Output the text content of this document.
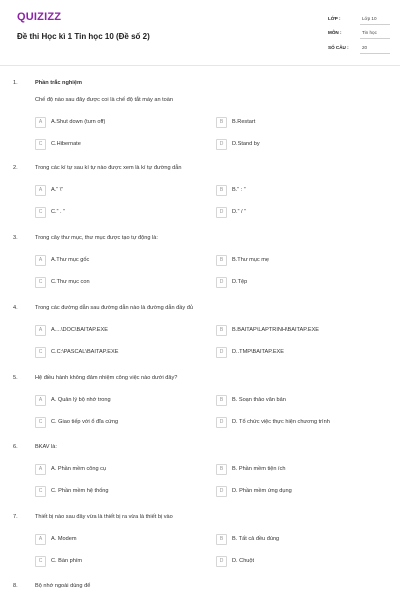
QUIZIZZ
Đề thi Học kì 1 Tin học 10 (Đề số 2)
LỚP :	Lớp 10
MÔN :	Tin học
SỐ CÂU :	20
1.	Phần trắc nghiệm
Chế độ nào sau đây được coi là chế độ tắt máy an toàn
A	A.Shut down (turn off)	B	B.Restart
C	C.Hibernate	D	D.Stand by
2.	Trong các kí tự sau kí tự nào được xem là kí tự đường dẫn
A	A.“ \”	B	B.“ : ”
C	C.“ . ”	D	D.“ / ”
3.	Trong cây thư mục, thư mục được tạo tự động là:
A	A.Thư mục gốc	B	B.Thư mục mẹ
C	C.Thư mục con	D	D.Tệp
4.	Trong các đường dẫn sau đường dẫn nào là đường dẫn đầy đủ
A	A....\DOC\BAITAP.EXE	B	B.BAITAP\LAPTRINH\BAITAP.EXE
C	C.C:\PASCAL\BAITAP.EXE	D	D..TMP\BAITAP.EXE
5.	Hệ điều hành không đảm nhiệm công việc nào dưới đây?
A	A. Quản lý bộ nhớ trong	B	B. Soạn thảo văn bản
C	C. Giao tiếp với ổ đĩa cứng	D	D. Tổ chức việc thực hiện chương trình
6.	BKAV là:
A	A. Phần mềm công cụ	B	B. Phần mềm tiện ích
C	C. Phần mềm hệ thống	D	D. Phần mềm ứng dụng
7.	Thiết bị nào sau đây vừa là thiết bị ra vừa là thiết bị vào
A	A. Modem	B	B. Tất cả đều đúng
C	C. Bàn phím	D	D. Chuột
8.	Bộ nhớ ngoài dùng để
